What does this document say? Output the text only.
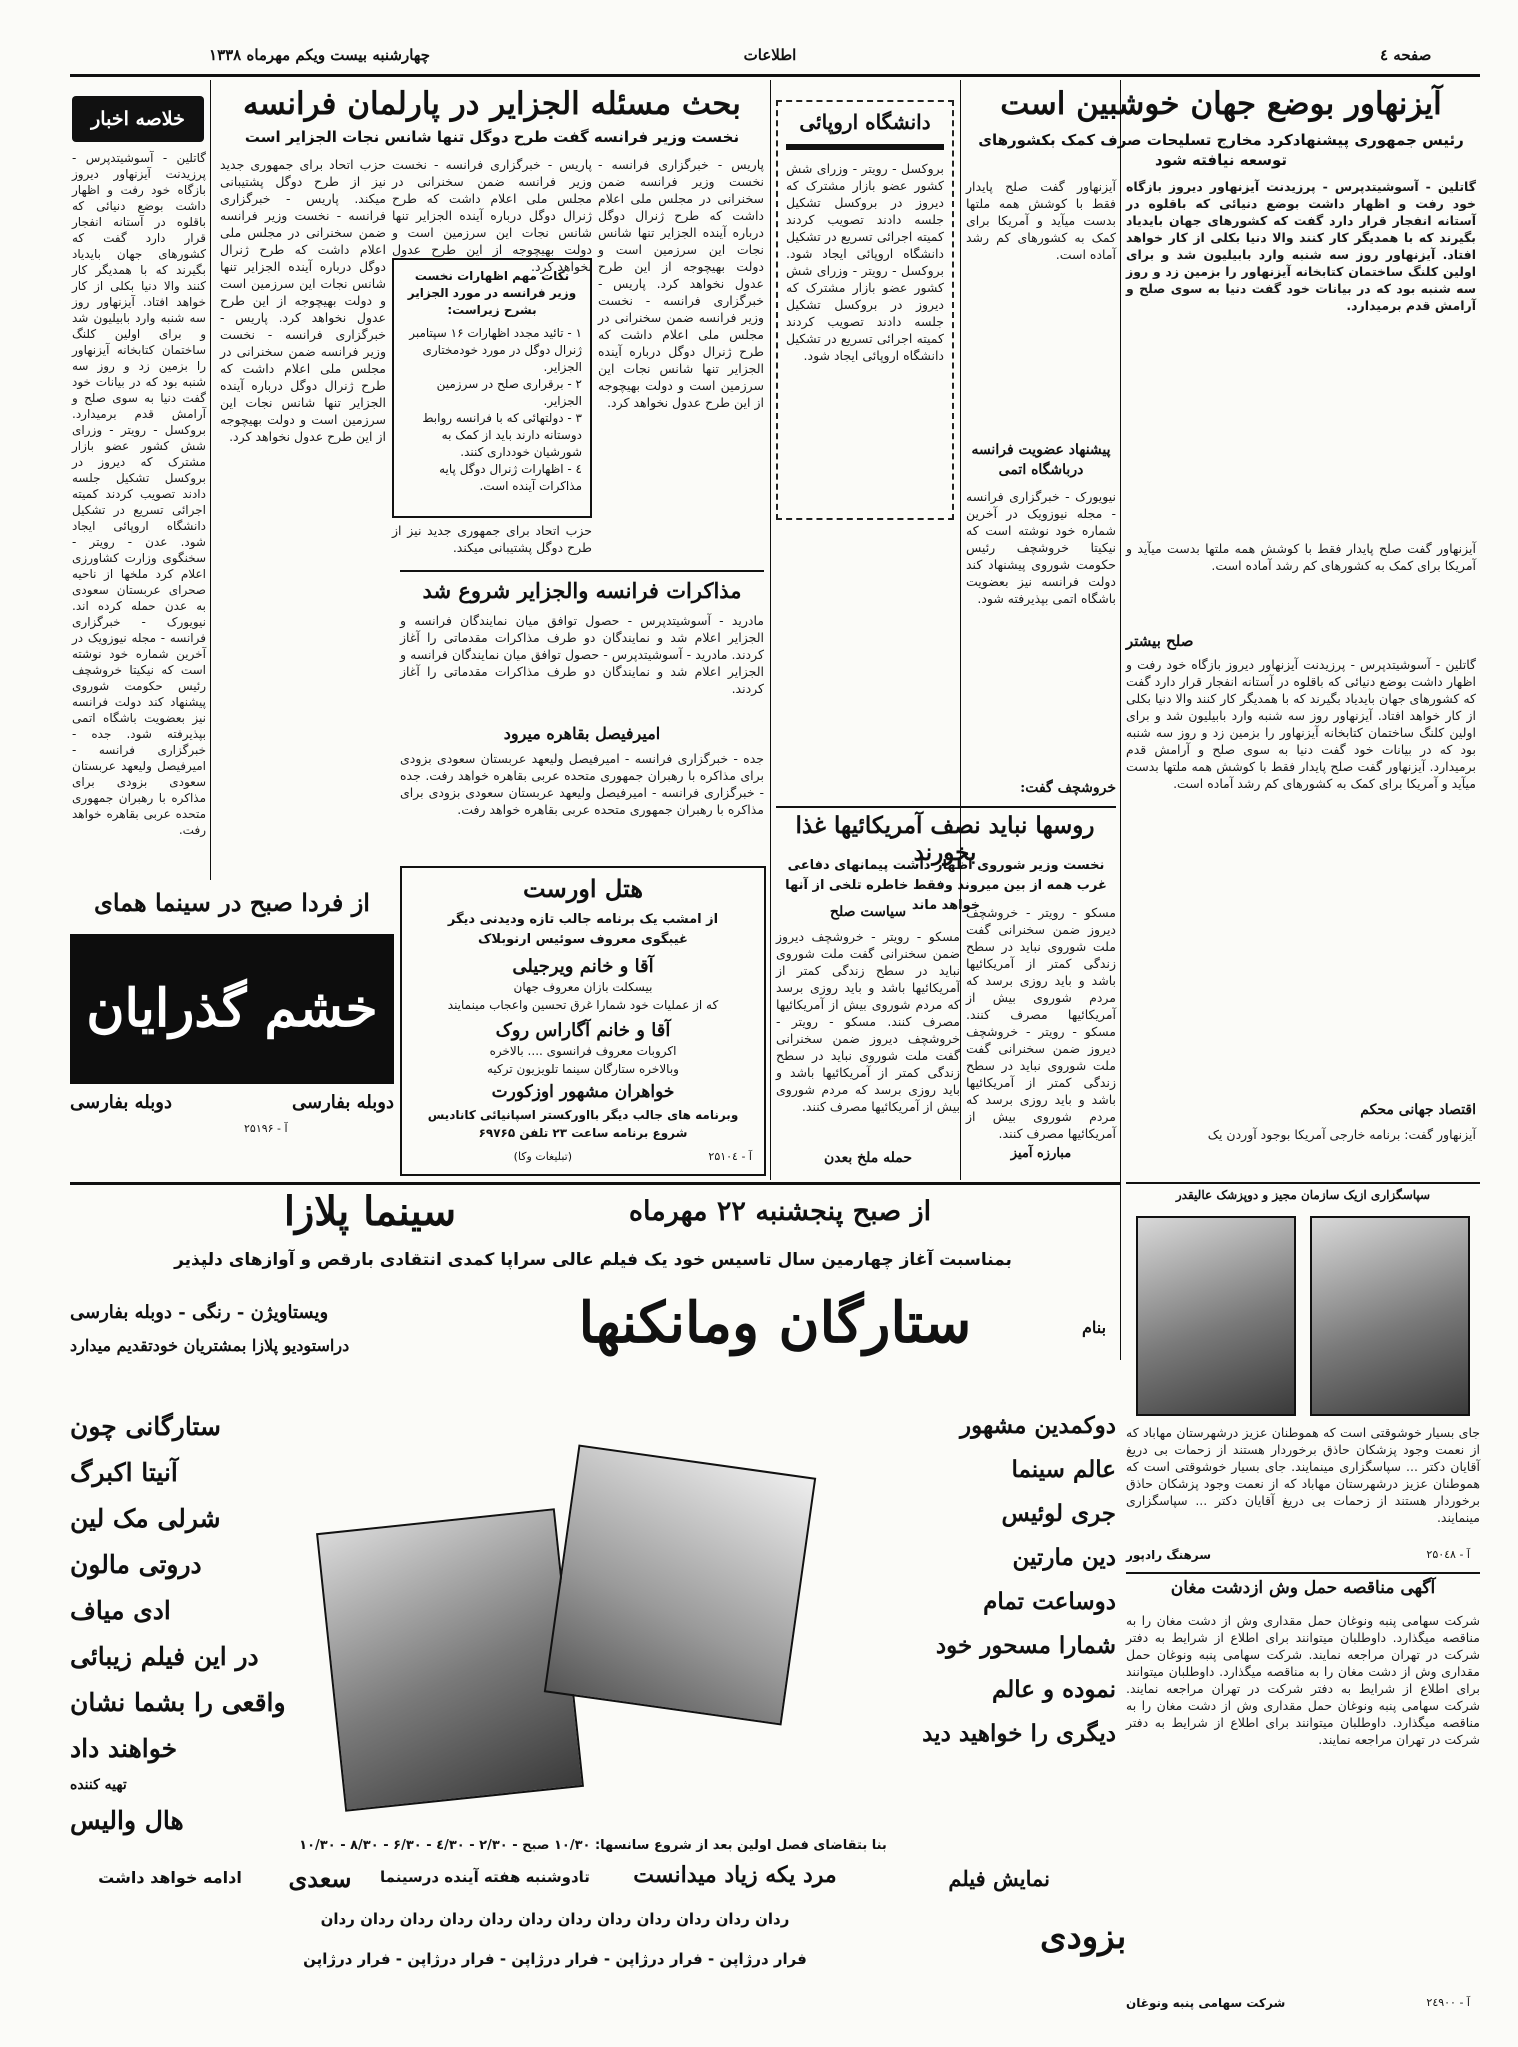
چهارشنبه بیست ویکم مهرماه ۱۳۳۸	اطلاعات	صفحه ٤
خلاصه اخبار
گاتلین - آسوشیتدپرس - پرزیدنت آیزنهاور دیروز بازگاه خود رفت و اظهار داشت بوضع دنیائی که باقلوه در آستانه انفجار قرار دارد گفت که کشورهای جهان بایدیاد بگیرند که با همدیگر کار کنند والا دنیا بکلی از کار خواهد افتاد. آیزنهاور روز سه شنبه وارد بابیلیون شد و برای اولین کلنگ ساختمان کتابخانه آیزنهاور را بزمین زد و روز سه شنبه بود که در بیانات خود گفت دنیا به سوی صلح و آرامش قدم برمیدارد. بروکسل - رویتر - وزرای شش کشور عضو بازار مشترک که دیروز در بروکسل تشکیل جلسه دادند تصویب کردند کمیته اجرائی تسریع در تشکیل دانشگاه اروپائی ایجاد شود. عدن - رویتر - سخنگوی وزارت کشاورزی اعلام کرد ملخها از ناحیه صحرای عربستان سعودی به عدن حمله کرده اند. نیویورک - خبرگزاری فرانسه - مجله نیوزویک در آخرین شماره خود نوشته است که نیکیتا خروشچف رئیس حکومت شوروی پیشنهاد کند دولت فرانسه نیز بعضویت باشگاه اتمی بپذیرفته شود. جده - خبرگزاری فرانسه - امیرفیصل ولیعهد عربستان سعودی بزودی برای مذاکره با رهبران جمهوری متحده عربی بقاهره خواهد رفت.
بحث مسئله الجزایر در پارلمان فرانسه
نخست وزیر فرانسه گفت طرح دوگل تنها شانس نجات الجزایر است
پاریس - خبرگزاری فرانسه - نخست وزیر فرانسه ضمن سخنرانی در مجلس ملی اعلام داشت که طرح ژنرال دوگل درباره آینده الجزایر تنها شانس نجات این سرزمین است و دولت بهیچوجه از این طرح عدول نخواهد کرد. پاریس - خبرگزاری فرانسه - نخست وزیر فرانسه ضمن سخنرانی در مجلس ملی اعلام داشت که طرح ژنرال دوگل درباره آینده الجزایر تنها شانس نجات این سرزمین است و دولت بهیچوجه از این طرح عدول نخواهد کرد.
حزب اتحاد برای جمهوری جدید نیز از طرح دوگل پشتیبانی میکند. پاریس - خبرگزاری فرانسه - نخست وزیر فرانسه ضمن سخنرانی در مجلس ملی اعلام داشت که طرح ژنرال دوگل درباره آینده الجزایر تنها شانس نجات این سرزمین است و دولت بهیچوجه از این طرح عدول نخواهد کرد. پاریس - خبرگزاری فرانسه - نخست وزیر فرانسه ضمن سخنرانی در مجلس ملی اعلام داشت که طرح ژنرال دوگل درباره آینده الجزایر تنها شانس نجات این سرزمین است و دولت بهیچوجه از این طرح عدول نخواهد کرد.
نکات مهم اظهارات نخست وزیر فرانسه در مورد الجزایر بشرح زیراست:
۱ - تائید مجدد اظهارات ۱۶ سپتامبر ژنرال دوگل در مورد خودمختاری الجزایر.
۲ - برقراری صلح در سرزمین الجزایر.
۳ - دولتهائی که با فرانسه روابط دوستانه دارند باید از کمک به شورشیان خودداری کنند.
٤ - اظهارات ژنرال دوگل پایه مذاکرات آینده است.
پاریس - خبرگزاری فرانسه - نخست وزیر فرانسه ضمن سخنرانی در مجلس ملی اعلام داشت که طرح ژنرال دوگل درباره آینده الجزایر تنها شانس نجات این سرزمین است و دولت بهیچوجه از این طرح عدول نخواهد کرد.
حزب اتحاد برای جمهوری جدید نیز از طرح دوگل پشتیبانی میکند.
مذاکرات فرانسه والجزایر شروع شد
مادرید - آسوشیتدپرس - حصول توافق میان نمایندگان فرانسه و الجزایر اعلام شد و نمایندگان دو طرف مذاکرات مقدماتی را آغاز کردند. مادرید - آسوشیتدپرس - حصول توافق میان نمایندگان فرانسه و الجزایر اعلام شد و نمایندگان دو طرف مذاکرات مقدماتی را آغاز کردند.
امیرفیصل بقاهره میرود
جده - خبرگزاری فرانسه - امیرفیصل ولیعهد عربستان سعودی بزودی برای مذاکره با رهبران جمهوری متحده عربی بقاهره خواهد رفت. جده - خبرگزاری فرانسه - امیرفیصل ولیعهد عربستان سعودی بزودی برای مذاکره با رهبران جمهوری متحده عربی بقاهره خواهد رفت.
دانشگاه اروپائی
بروکسل - رویتر - وزرای شش کشور عضو بازار مشترک که دیروز در بروکسل تشکیل جلسه دادند تصویب کردند کمیته اجرائی تسریع در تشکیل دانشگاه اروپائی ایجاد شود. بروکسل - رویتر - وزرای شش کشور عضو بازار مشترک که دیروز در بروکسل تشکیل جلسه دادند تصویب کردند کمیته اجرائی تسریع در تشکیل دانشگاه اروپائی ایجاد شود.
آیزنهاور بوضع جهان خوشبین است
رئیس جمهوری پیشنهادکرد مخارج تسلیحات صرف کمک بکشورهای توسعه نیافته شود
گاتلین - آسوشیتدپرس - پرزیدنت آیزنهاور دیروز بازگاه خود رفت و اظهار داشت بوضع دنیائی که باقلوه در آستانه انفجار قرار دارد گفت که کشورهای جهان بایدیاد بگیرند که با همدیگر کار کنند والا دنیا بکلی از کار خواهد افتاد. آیزنهاور روز سه شنبه وارد بابیلیون شد و برای اولین کلنگ ساختمان کتابخانه آیزنهاور را بزمین زد و روز سه شنبه بود که در بیانات خود گفت دنیا به سوی صلح و آرامش قدم برمیدارد.
آیزنهاور گفت صلح پایدار فقط با کوشش همه ملتها بدست میآید و آمریکا برای کمک به کشورهای کم رشد آماده است.
پیشنهاد عضویت فرانسه درباشگاه اتمی
نیویورک - خبرگزاری فرانسه - مجله نیوزویک در آخرین شماره خود نوشته است که نیکیتا خروشچف رئیس حکومت شوروی پیشنهاد کند دولت فرانسه نیز بعضویت باشگاه اتمی بپذیرفته شود.
آیزنهاور گفت صلح پایدار فقط با کوشش همه ملتها بدست میآید و آمریکا برای کمک به کشورهای کم رشد آماده است.
صلح بیشتر
گاتلین - آسوشیتدپرس - پرزیدنت آیزنهاور دیروز بازگاه خود رفت و اظهار داشت بوضع دنیائی که باقلوه در آستانه انفجار قرار دارد گفت که کشورهای جهان بایدیاد بگیرند که با همدیگر کار کنند والا دنیا بکلی از کار خواهد افتاد. آیزنهاور روز سه شنبه وارد بابیلیون شد و برای اولین کلنگ ساختمان کتابخانه آیزنهاور را بزمین زد و روز سه شنبه بود که در بیانات خود گفت دنیا به سوی صلح و آرامش قدم برمیدارد. آیزنهاور گفت صلح پایدار فقط با کوشش همه ملتها بدست میآید و آمریکا برای کمک به کشورهای کم رشد آماده است.
اقتصاد جهانی محکم
آیزنهاور گفت: برنامه خارجی آمریکا بوجود آوردن یک
خروشچف گفت:
روسها نباید نصف آمریکائیها غذا بخورند
نخست وزیر شوروی اظهار داشت پیمانهای دفاعی غرب همه از بین میروند وفقط خاطره تلخی از آنها خواهد ماند
مسکو - رویتر - خروشچف دیروز ضمن سخنرانی گفت ملت شوروی نباید در سطح زندگی کمتر از آمریکائیها باشد و باید روزی برسد که مردم شوروی بیش از آمریکائیها مصرف کنند. مسکو - رویتر - خروشچف دیروز ضمن سخنرانی گفت ملت شوروی نباید در سطح زندگی کمتر از آمریکائیها باشد و باید روزی برسد که مردم شوروی بیش از آمریکائیها مصرف کنند.
سیاست صلح
مسکو - رویتر - خروشچف دیروز ضمن سخنرانی گفت ملت شوروی نباید در سطح زندگی کمتر از آمریکائیها باشد و باید روزی برسد که مردم شوروی بیش از آمریکائیها مصرف کنند. مسکو - رویتر - خروشچف دیروز ضمن سخنرانی گفت ملت شوروی نباید در سطح زندگی کمتر از آمریکائیها باشد و باید روزی برسد که مردم شوروی بیش از آمریکائیها مصرف کنند.
مبارزه آمیز
حمله ملخ بعدن
هتل اورست
از امشب یک برنامه جالب تازه ودیدنی دیگر
غیبگوی معروف سوئیس ارنوبلاک
آقا و خانم ویرجیلی
بیسکلت بازان معروف جهان
که از عملیات خود شمارا غرق تحسین واعجاب مینمایند
آقا و خانم آگاراس روک
اکروبات معروف فرانسوی .... بالاخره
وبالاخره ستارگان سینما تلویزیون ترکیه
خواهران مشهور اوزکورت
وبرنامه های جالب دیگر بااورکستر اسپانیائی کانادیس
شروع برنامه ساعت ۲۳ تلفن ۶۹۷۶۵
(تبلیغات وکا)	آ - ۲۵۱۰٤
از فردا صبح در سینما همای
خشم گذرایان
دوبله بفارسی	دوبله بفارسی
آ - ۲۵۱۹۶
از صبح پنجشنبه ۲۲ مهرماه
سینما پلازا
بمناسبت آغاز چهارمین سال تاسیس خود یک فیلم عالی سراپا کمدی انتقادی بارقص و آوازهای دلپذیر
بنام
ستارگان ومانکنها
ویستاویژن - رنگی - دوبله بفارسی
دراستودیو پلازا بمشتریان خودتقدیم میدارد
ستارگانی چون
آنیتا اکبرگ
شرلی مک لین
دروتی مالون
ادی میاف
در این فیلم زیبائی
واقعی را بشما نشان
خواهند داد
تهیه کننده
هال والیس
دوکمدین مشهور
عالم سینما
جری لوئیس
دین مارتین
دوساعت تمام
شمارا مسحور خود
نموده و عالم
دیگری را خواهید دید
بنا بتقاضای فصل اولین بعد از شروع سانسها: ۱۰/۳۰ صبح - ۲/۳۰ - ٤/۳۰ - ۶/۳۰ - ٨/۳۰ - ۱۰/۳۰
نمایش فیلم
مرد یکه زیاد میدانست
تادوشنبه هفته آینده درسینما
سعدی
ادامه خواهد داشت
بزودی
ردان ردان ردان ردان ردان ردان ردان ردان ردان ردان ردان ردان
فرار درژاپن - فرار درژاپن - فرار درژاپن - فرار درژاپن - فرار درژاپن
سپاسگزاری ازیک سازمان مجیز و دوپزشک عالیقدر
جای بسیار خوشوقتی است که هموطنان عزیز درشهرستان مهاباد که از نعمت وجود پزشکان حاذق برخوردار هستند از زحمات بی دریغ آقایان دکتر ... سپاسگزاری مینمایند. جای بسیار خوشوقتی است که هموطنان عزیز درشهرستان مهاباد که از نعمت وجود پزشکان حاذق برخوردار هستند از زحمات بی دریغ آقایان دکتر ... سپاسگزاری مینمایند.
سرهنگ رادپور	آ - ۲۵۰٤٨
آگهی مناقصه حمل وش ازدشت مغان
شرکت سهامی پنبه ونوغان حمل مقداری وش از دشت مغان را به مناقصه میگذارد. داوطلبان میتوانند برای اطلاع از شرایط به دفتر شرکت در تهران مراجعه نمایند. شرکت سهامی پنبه ونوغان حمل مقداری وش از دشت مغان را به مناقصه میگذارد. داوطلبان میتوانند برای اطلاع از شرایط به دفتر شرکت در تهران مراجعه نمایند. شرکت سهامی پنبه ونوغان حمل مقداری وش از دشت مغان را به مناقصه میگذارد. داوطلبان میتوانند برای اطلاع از شرایط به دفتر شرکت در تهران مراجعه نمایند.
شرکت سهامی پنبه ونوغان	آ - ۲٤۹۰۰
